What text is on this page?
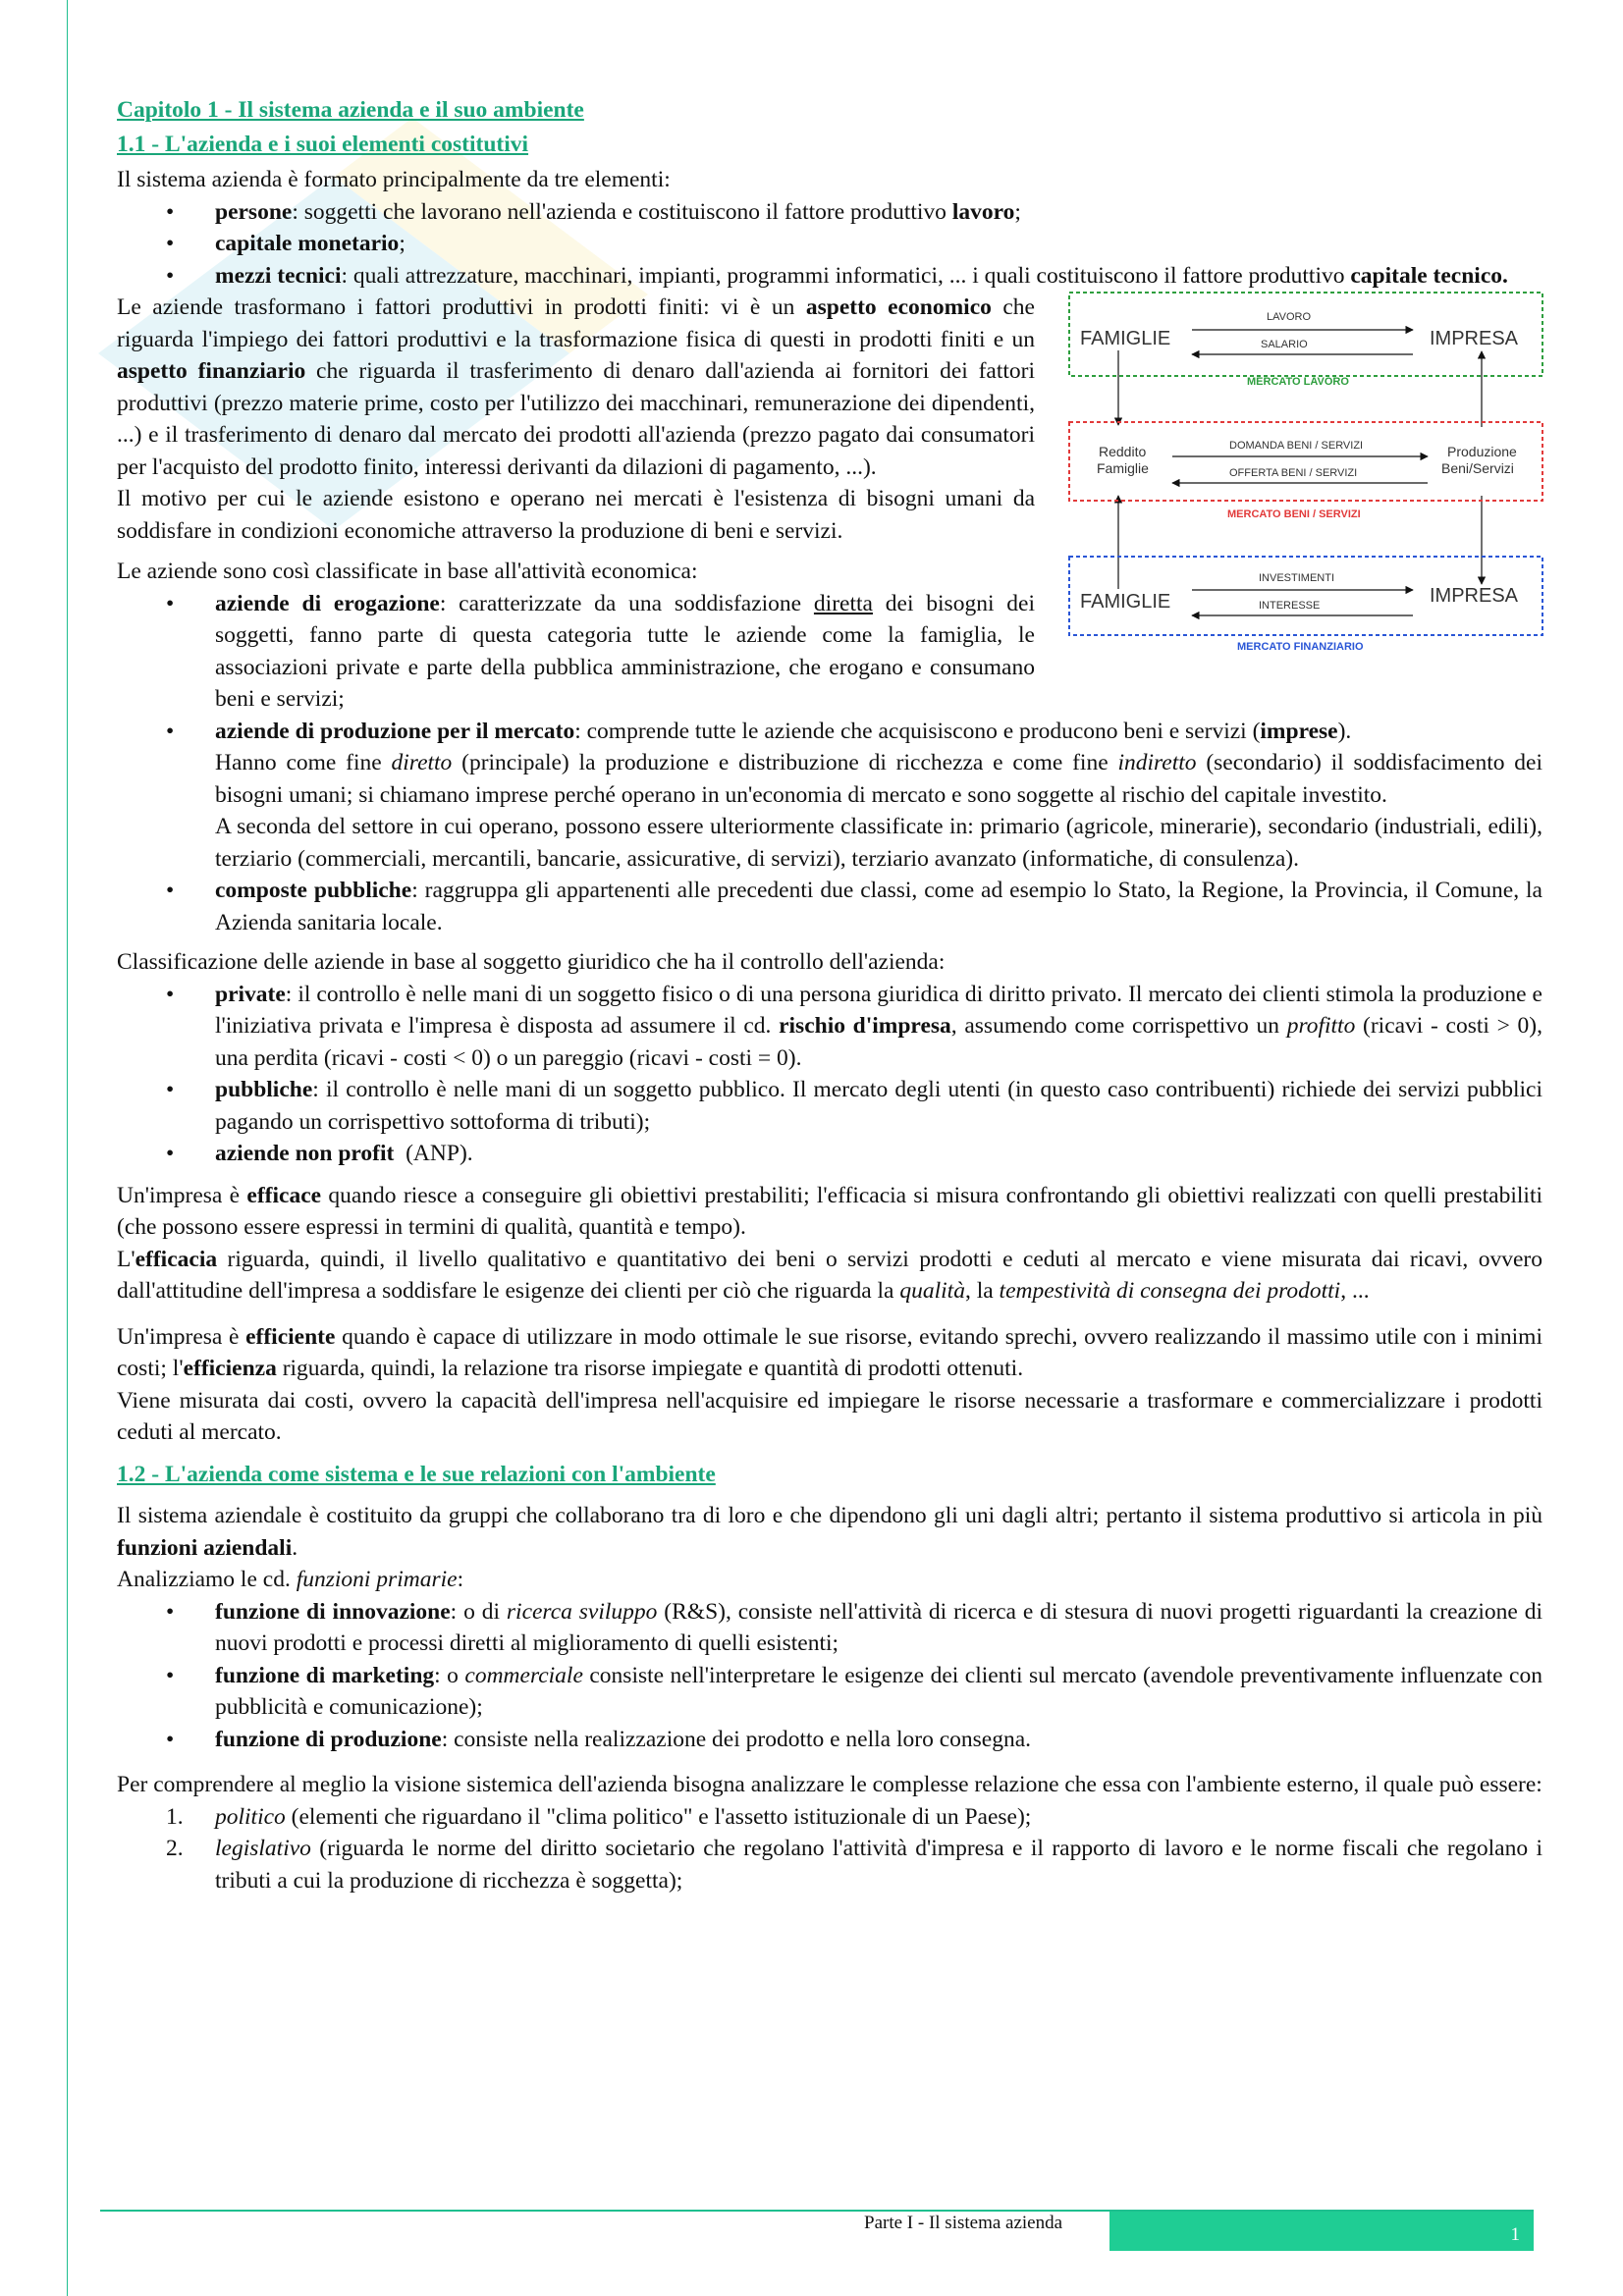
Capitolo 1 - Il sistema azienda e il suo ambiente
1.1 - L'azienda e i suoi elementi costitutivi

Il sistema azienda è formato principalmente da tre elementi:

• persone: soggetti che lavorano nell'azienda e costituiscono il fattore produttivo lavoro;
• capitale monetario;
• mezzi tecnici: quali attrezzature, macchinari, impianti, programmi informatici, ... i quali costituiscono il fattore produttivo capitale tecnico.
FAMIGLIE	IMPRESA
LAVORO
SALARIO
MERCATO LAVORO
Reddito
Famiglie
Produzione
Beni/Servizi
DOMANDA BENI / SERVIZI
OFFERTA BENI / SERVIZI
MERCATO BENI / SERVIZI
FAMIGLIE	IMPRESA
INVESTIMENTI
INTERESSE
MERCATO FINANZIARIO

Le aziende trasformano i fattori produttivi in prodotti finiti: vi è un aspetto economico che riguarda l'impiego dei fattori produttivi e la trasformazione fisica di questi in prodotti finiti e un aspetto finanziario che riguarda il trasferimento di denaro dall'azienda ai fornitori dei fattori produttivi (prezzo materie prime, costo per l'utilizzo dei macchinari, remunerazione dei dipendenti, ...) e il trasferimento di denaro dal mercato dei prodotti all'azienda (prezzo pagato dai consumatori per l'acquisto del prodotto finito, interessi derivanti da dilazioni di pagamento, ...).

Il motivo per cui le aziende esistono e operano nei mercati è l'esistenza di bisogni umani da soddisfare in condizioni economiche attraverso la produzione di beni e servizi.

Le aziende sono così classificate in base all'attività economica:

• aziende di erogazione: caratterizzate da una soddisfazione diretta dei bisogni dei soggetti, fanno parte di questa categoria tutte le aziende come la famiglia, le associazioni private e parte della pubblica amministrazione, che erogano e consumano beni e servizi;
• aziende di produzione per il mercato: comprende tutte le aziende che acquisiscono e producono beni e servizi (imprese).
Hanno come fine diretto (principale) la produzione e distribuzione di ricchezza e come fine indiretto (secondario) il soddisfacimento dei bisogni umani; si chiamano imprese perché operano in un'economia di mercato e sono soggette al rischio del capitale investito.
A seconda del settore in cui operano, possono essere ulteriormente classificate in: primario (agricole, minerarie), secondario (industriali, edili), terziario (commerciali, mercantili, bancarie, assicurative, di servizi), terziario avanzato (informatiche, di consulenza).
• composte pubbliche: raggruppa gli appartenenti alle precedenti due classi, come ad esempio lo Stato, la Regione, la Provincia, il Comune, la Azienda sanitaria locale.

Classificazione delle aziende in base al soggetto giuridico che ha il controllo dell'azienda:

• private: il controllo è nelle mani di un soggetto fisico o di una persona giuridica di diritto privato. Il mercato dei clienti stimola la produzione e l'iniziativa privata e l'impresa è disposta ad assumere il cd. rischio d'impresa, assumendo come corrispettivo un profitto (ricavi - costi > 0), una perdita (ricavi - costi < 0) o un pareggio (ricavi - costi = 0).
• pubbliche: il controllo è nelle mani di un soggetto pubblico. Il mercato degli utenti (in questo caso contribuenti) richiede dei servizi pubblici pagando un corrispettivo sottoforma di tributi);
• aziende non profit  (ANP).

Un'impresa è efficace quando riesce a conseguire gli obiettivi prestabiliti; l'efficacia si misura confrontando gli obiettivi realizzati con quelli prestabiliti (che possono essere espressi in termini di qualità, quantità e tempo).

L'efficacia riguarda, quindi, il livello qualitativo e quantitativo dei beni o servizi prodotti e ceduti al mercato e viene misurata dai ricavi, ovvero dall'attitudine dell'impresa a soddisfare le esigenze dei clienti per ciò che riguarda la qualità, la tempestività di consegna dei prodotti, ...

Un'impresa è efficiente quando è capace di utilizzare in modo ottimale le sue risorse, evitando sprechi, ovvero realizzando il massimo utile con i minimi costi; l'efficienza riguarda, quindi, la relazione tra risorse impiegate e quantità di prodotti ottenuti.

Viene misurata dai costi, ovvero la capacità dell'impresa nell'acquisire ed impiegare le risorse necessarie a trasformare e commercializzare i prodotti ceduti al mercato.

1.2 - L'azienda come sistema e le sue relazioni con l'ambiente

Il sistema aziendale è costituito da gruppi che collaborano tra di loro e che dipendono gli uni dagli altri; pertanto il sistema produttivo si articola in più funzioni aziendali.

Analizziamo le cd. funzioni primarie:

• funzione di innovazione: o di ricerca sviluppo (R&S), consiste nell'attività di ricerca e di stesura di nuovi progetti riguardanti la creazione di nuovi prodotti e processi diretti al miglioramento di quelli esistenti;
• funzione di marketing: o commerciale consiste nell'interpretare le esigenze dei clienti sul mercato (avendole preventivamente influenzate con pubblicità e comunicazione);
• funzione di produzione: consiste nella realizzazione dei prodotto e nella loro consegna.

Per comprendere al meglio la visione sistemica dell'azienda bisogna analizzare le complesse relazione che essa con l'ambiente esterno, il quale può essere:

1. politico (elementi che riguardano il "clima politico" e l'assetto istituzionale di un Paese);
2. legislativo (riguarda le norme del diritto societario che regolano l'attività d'impresa e il rapporto di lavoro e le norme fiscali che regolano i tributi a cui la produzione di ricchezza è soggetta);
Parte I - Il sistema azienda
1
